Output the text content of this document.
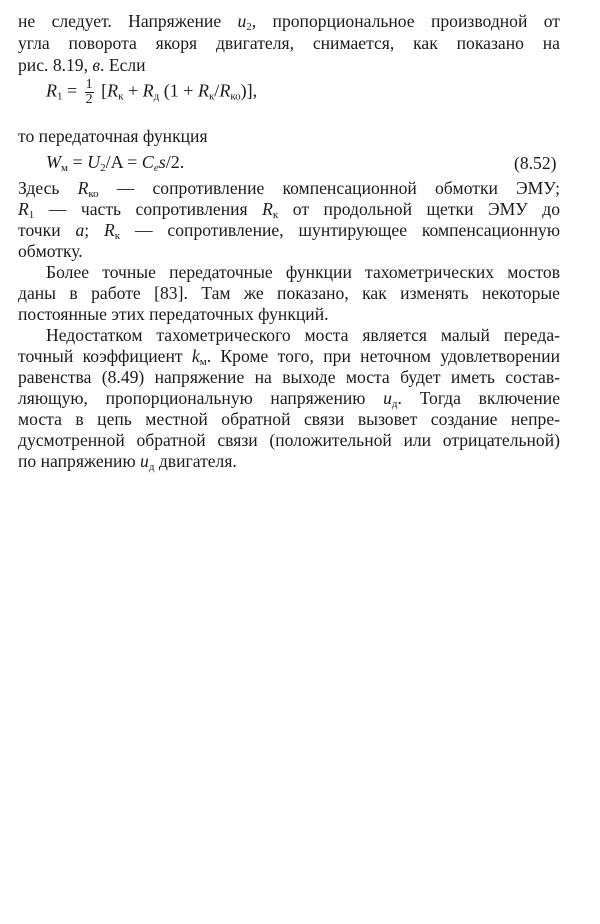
не следует. Напряжение $u_2$, пропорциональное производной от
угла поворота якоря двигателя, снимается, как показано на
рис. 8.19, в. Если
$R_1 = \frac{1}{2} [R_к + R_д$ $(1 + R_к/R_{ко})$],
то передаточная функция
$W_м = U_2/A = C_es/2$.	(8.52)
Здесь $R_{ко}$ — сопротивление компенсационной обмотки ЭМУ;
$R_1$ — часть сопротивления $R_к$ от продольной щетки ЭМУ до
точки а; $R_к$ — сопротивление, шунтирующее компенсационную
обмотку.
Более точные передаточные функции тахометрических мостов
даны в работе [83]. Там же показано, как изменять некоторые
постоянные этих передаточных функций.
Недостатком тахометрического моста является малый переда-
точный коэффициент $k_м$. Кроме того, при неточном удовлетворении
равенства (8.49) напряжение на выходе моста будет иметь состав-
ляющую, пропорциональную напряжению $u_д$. Тогда включение
моста в цепь местной обратной связи вызовет создание непре-
дусмотренной обратной связи (положительной или отрицательной)
по напряжению $u_д$ двигателя.
